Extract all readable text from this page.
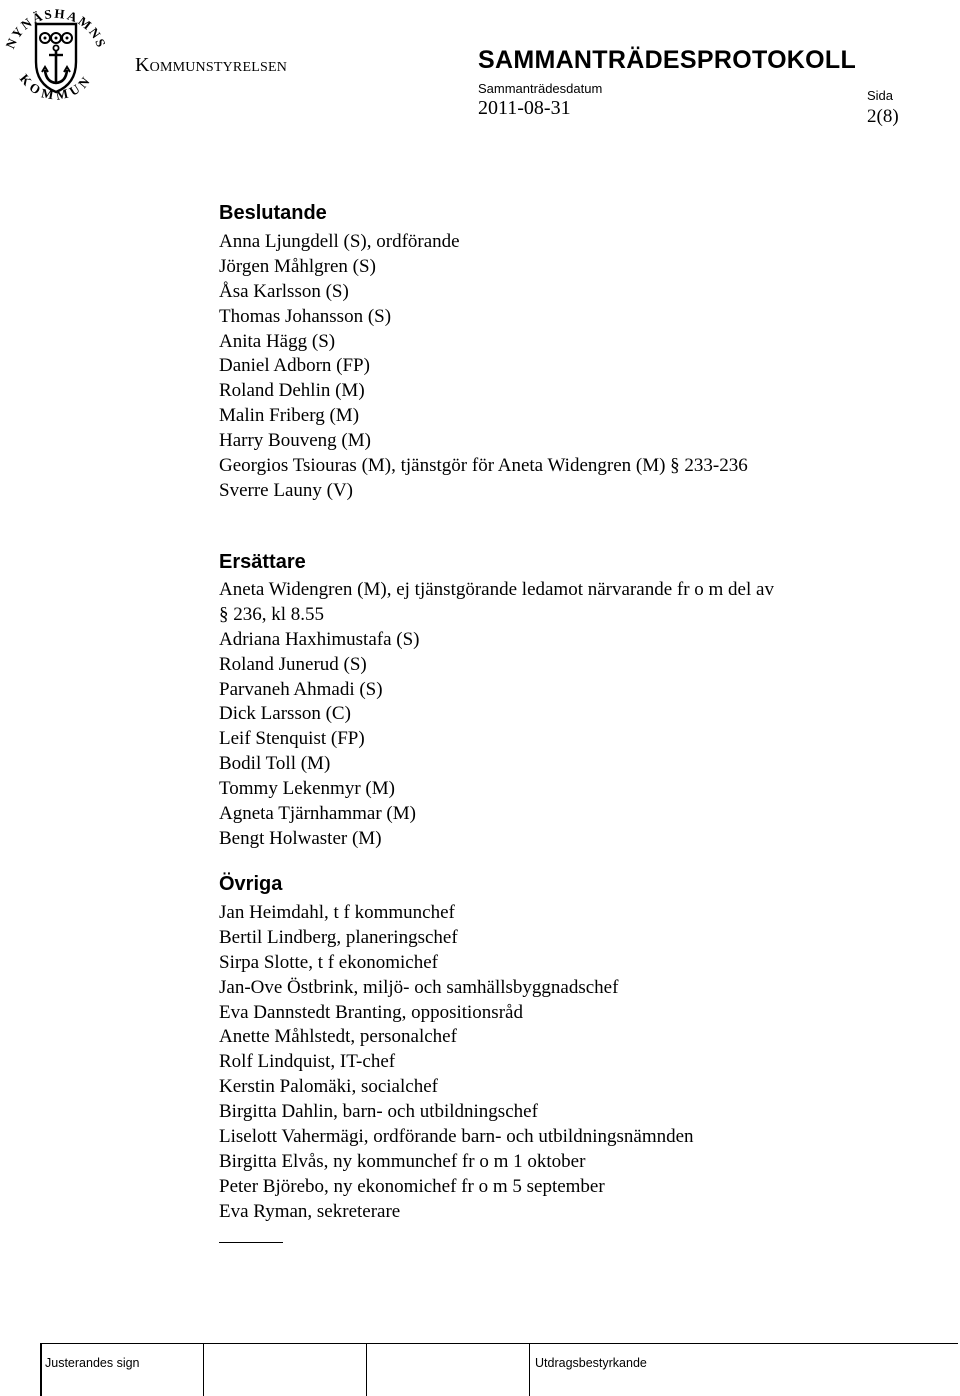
NYNÄSHAMNS
KOMMUN
Kommunstyrelsen	SAMMANTRÄDESPROTOKOLL
Sammanträdesdatum
2011-08-31
Sida
2(8)
Beslutande
Anna Ljungdell (S), ordförande
Jörgen Måhlgren (S)
Åsa Karlsson (S)
Thomas Johansson (S)
Anita Hägg (S)
Daniel Adborn (FP)
Roland Dehlin (M)
Malin Friberg (M)
Harry Bouveng (M)
Georgios Tsiouras (M), tjänstgör för Aneta Widengren (M) § 233-236
Sverre Launy (V)
Ersättare
Aneta Widengren (M), ej tjänstgörande ledamot närvarande fr o m del av
§ 236, kl 8.55
Adriana Haxhimustafa (S)
Roland Junerud (S)
Parvaneh Ahmadi (S)
Dick Larsson (C)
Leif Stenquist (FP)
Bodil Toll (M)
Tommy Lekenmyr (M)
Agneta Tjärnhammar (M)
Bengt Holwaster (M)
Övriga
Jan Heimdahl, t f kommunchef
Bertil Lindberg, planeringschef
Sirpa Slotte, t f ekonomichef
Jan-Ove Östbrink, miljö- och samhällsbyggnadschef
Eva Dannstedt Branting, oppositionsråd
Anette Måhlstedt, personalchef
Rolf Lindquist, IT-chef
Kerstin Palomäki, socialchef
Birgitta Dahlin, barn- och utbildningschef
Liselott Vahermägi, ordförande barn- och utbildningsnämnden
Birgitta Elvås, ny kommunchef fr o m 1 oktober
Peter Björebo, ny ekonomichef fr o m 5 september
Eva Ryman, sekreterare
Justerandes sign	Utdragsbestyrkande
